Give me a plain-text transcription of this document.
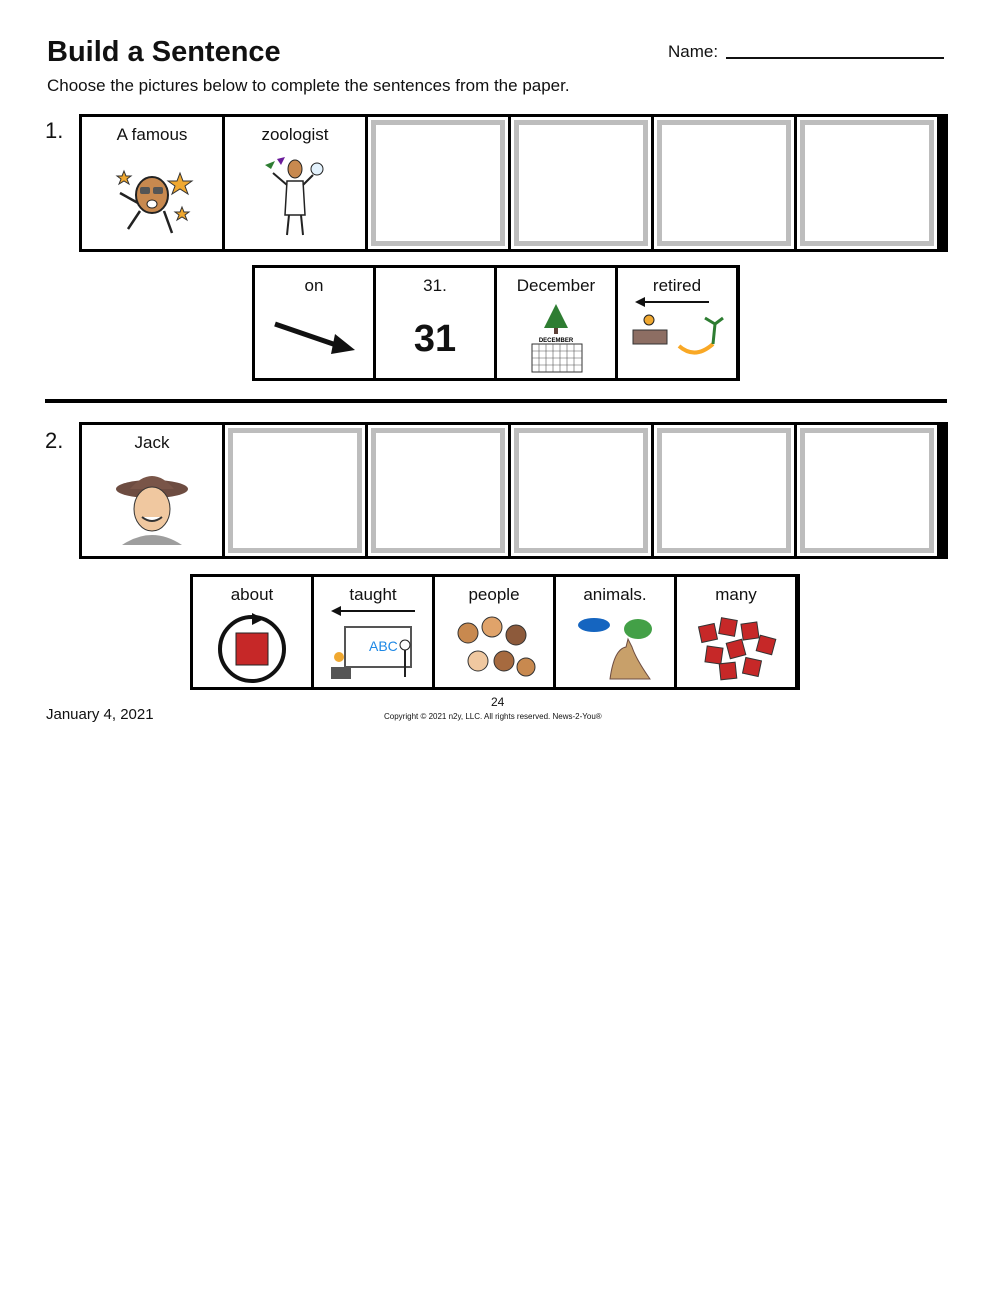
Build a Sentence
Choose the pictures below to complete the sentences from the paper.
Name:
1.	A famous	zoologist
on	31.
31
December
DECEMBER
retired
2.	Jack
about	taught
ABC
people	animals.	many
January 4, 2021
24
Copyright © 2021 n2y, LLC. All rights reserved. News-2-You®
